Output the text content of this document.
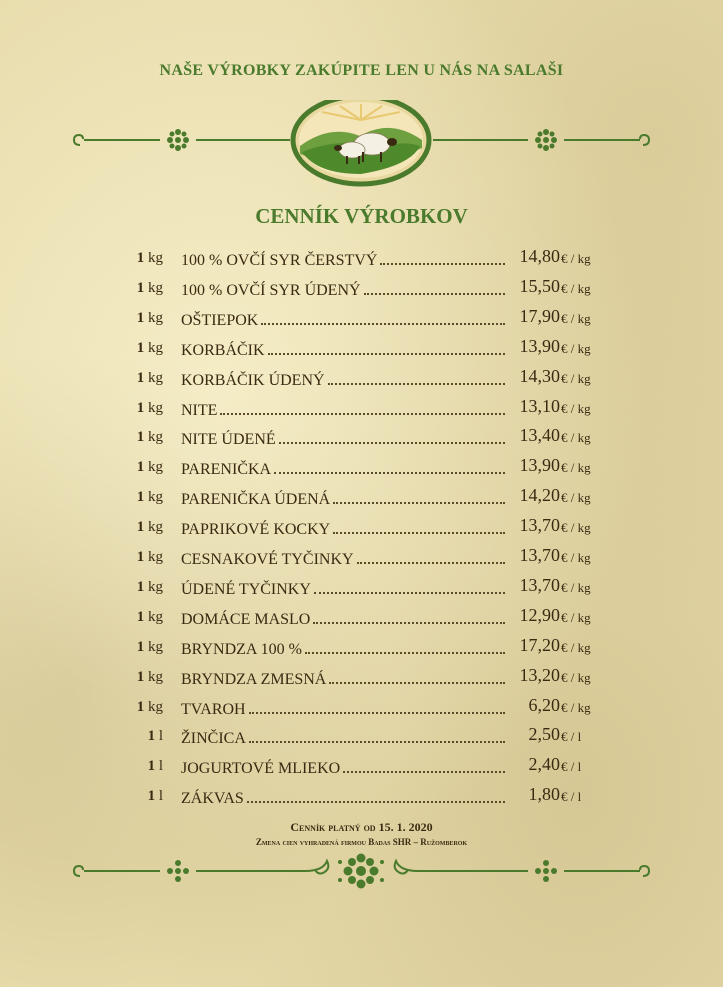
NAŠE VÝROBKY ZAKÚPITE LEN U NÁS NA SALAŠI
CENNÍK VÝROBKOV
1 kg 100 % OVČÍ SYR ČERSTVÝ	14,80 € / kg
1 kg 100 % OVČÍ SYR ÚDENÝ	15,50 € / kg
1 kg OŠTIEPOK	17,90 € / kg
1 kg KORBÁČIK	13,90 € / kg
1 kg KORBÁČIK ÚDENÝ	14,30 € / kg
1 kg NITE	13,10 € / kg
1 kg NITE ÚDENÉ	13,40 € / kg
1 kg PARENIČKA	13,90 € / kg
1 kg PARENIČKA ÚDENÁ	14,20 € / kg
1 kg PAPRIKOVÉ KOCKY	13,70 € / kg
1 kg CESNAKOVÉ TYČINKY	13,70 € / kg
1 kg ÚDENÉ TYČINKY	13,70 € / kg
1 kg DOMÁCE MASLO	12,90 € / kg
1 kg BRYNDZA 100 %	17,20 € / kg
1 kg BRYNDZA ZMESNÁ	13,20 € / kg
1 kg TVAROH	6,20 € / kg
1 l ŽINČICA	2,50 € / l
1 l JOGURTOVÉ MLIEKO	2,40 € / l
1 l ZÁKVAS	1,80 € / l
Cenník platný od 15. 1. 2020
Zmena cien vyhradená firmou Badas SHR – Ružomberok
